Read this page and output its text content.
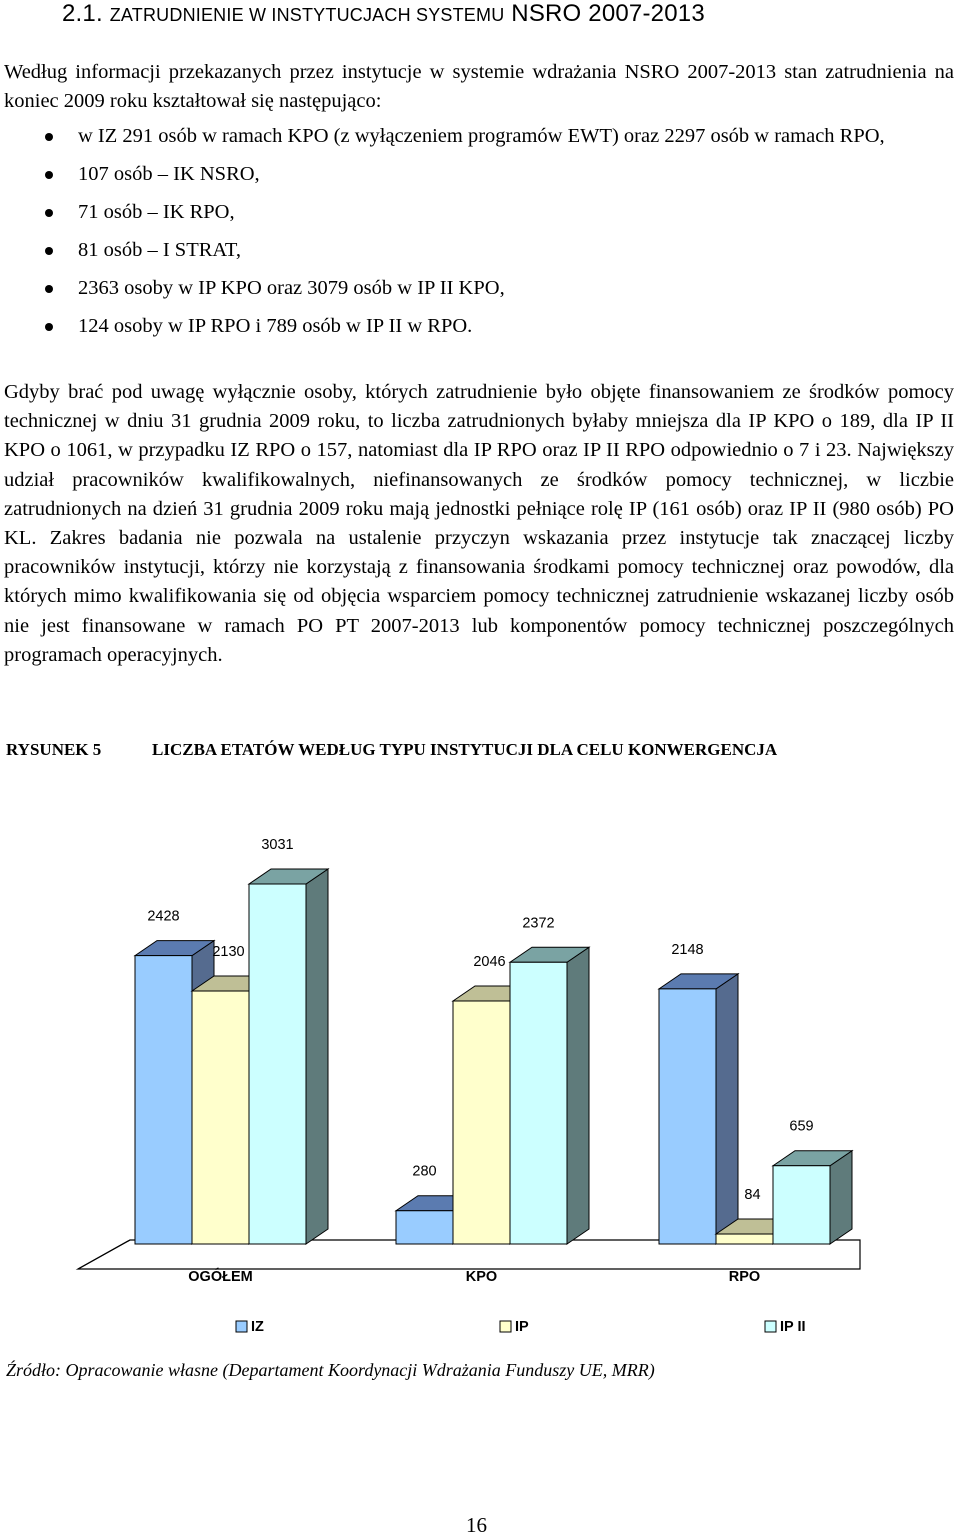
2.1. ZATRUDNIENIE W INSTYTUCJACH SYSTEMU NSRO 2007-2013
Według informacji przekazanych przez instytucje w systemie wdrażania NSRO 2007-2013 stan zatrudnienia na koniec 2009 roku kształtował się następująco:
w IZ 291 osób w ramach KPO (z wyłączeniem programów EWT) oraz 2297 osób w ramach RPO,
107 osób – IK NSRO,
71 osób – IK RPO,
81 osób – I STRAT,
2363 osoby w IP KPO oraz 3079 osób w IP II KPO,
124 osoby w IP RPO i 789 osób w IP II w RPO.
Gdyby brać pod uwagę wyłącznie osoby, których zatrudnienie było objęte finansowaniem ze środków pomocy technicznej w dniu 31 grudnia 2009 roku, to liczba zatrudnionych byłaby mniejsza dla IP KPO o 189, dla IP II KPO o 1061, w przypadku IZ RPO o 157, natomiast dla IP RPO oraz IP II RPO odpowiednio o 7 i 23. Największy udział pracowników kwalifikowalnych, niefinansowanych ze środków pomocy technicznej, w liczbie zatrudnionych na dzień 31 grudnia 2009 roku mają jednostki pełniące rolę IP (161 osób) oraz IP II (980 osób) PO KL. Zakres badania nie pozwala na ustalenie przyczyn wskazania przez instytucje tak znaczącej liczby pracowników instytucji, którzy nie korzystają z finansowania środkami pomocy technicznej oraz powodów, dla których mimo kwalifikowania się od objęcia wsparciem pomocy technicznej zatrudnienie wskazanej liczby osób nie jest finansowane w ramach PO PT 2007-2013 lub komponentów pomocy technicznej poszczególnych programach operacyjnych.
RYSUNEK 5	LICZBA ETATÓW WEDŁUG TYPU INSTYTUCJI DLA CELU KONWERGENCJA
2428
2130
3031
280
2046
2372
2148
84
659
OGÓŁEM	KPO	RPO
IZ	IP	IP II
Źródło: Opracowanie własne (Departament Koordynacji Wdrażania Funduszy UE, MRR)
16
